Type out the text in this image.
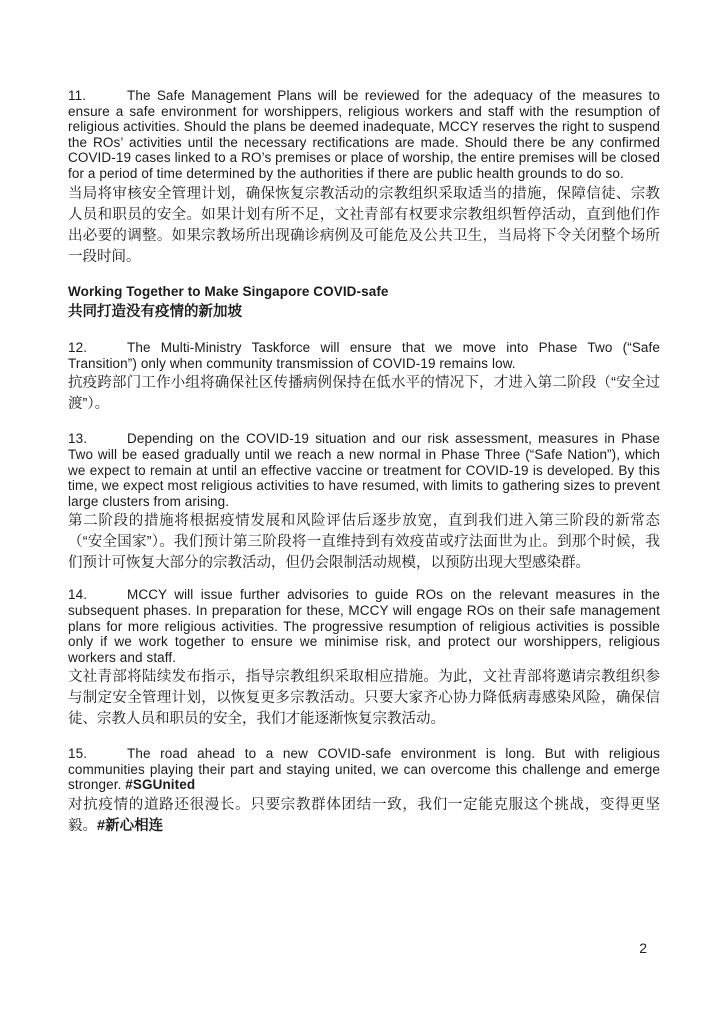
11.	The Safe Management Plans will be reviewed for the adequacy of the measures to ensure a safe environment for worshippers, religious workers and staff with the resumption of religious activities. Should the plans be deemed inadequate, MCCY reserves the right to suspend the ROs’ activities until the necessary rectifications are made. Should there be any confirmed COVID-19 cases linked to a RO’s premises or place of worship, the entire premises will be closed for a period of time determined by the authorities if there are public health grounds to do so.

当局将审核安全管理计划，确保恢复宗教活动的宗教组织采取适当的措施，保障信徒、宗教人员和职员的安全。如果计划有所不足，文社青部有权要求宗教组织暂停活动，直到他们作出必要的调整。如果宗教场所出现确诊病例及可能危及公共卫生，当局将下令关闭整个场所一段时间。

Working Together to Make Singapore COVID-safe

共同打造没有疫情的新加坡

12.	The Multi-Ministry Taskforce will ensure that we move into Phase Two (“Safe Transition”) only when community transmission of COVID-19 remains low.

抗疫跨部门工作小组将确保社区传播病例保持在低水平的情况下，才进入第二阶段（“安全过渡”）。

13.	Depending on the COVID-19 situation and our risk assessment, measures in Phase Two will be eased gradually until we reach a new normal in Phase Three (“Safe Nation”), which we expect to remain at until an effective vaccine or treatment for COVID-19 is developed. By this time, we expect most religious activities to have resumed, with limits to gathering sizes to prevent large clusters from arising.

第二阶段的措施将根据疫情发展和风险评估后逐步放宽，直到我们进入第三阶段的新常态（“安全国家”）。我们预计第三阶段将一直维持到有效疫苗或疗法面世为止。到那个时候，我们预计可恢复大部分的宗教活动，但仍会限制活动规模，以预防出现大型感染群。

14.	MCCY will issue further advisories to guide ROs on the relevant measures in the subsequent phases. In preparation for these, MCCY will engage ROs on their safe management plans for more religious activities. The progressive resumption of religious activities is possible only if we work together to ensure we minimise risk, and protect our worshippers, religious workers and staff.

文社青部将陆续发布指示，指导宗教组织采取相应措施。为此，文社青部将邀请宗教组织参与制定安全管理计划，以恢复更多宗教活动。只要大家齐心协力降低病毒感染风险，确保信徒、宗教人员和职员的安全，我们才能逐渐恢复宗教活动。

15.	The road ahead to a new COVID-safe environment is long. But with religious communities playing their part and staying united, we can overcome this challenge and emerge stronger. #SGUnited

对抗疫情的道路还很漫长。只要宗教群体团结一致，我们一定能克服这个挑战，变得更坚毅。#新心相连

2
